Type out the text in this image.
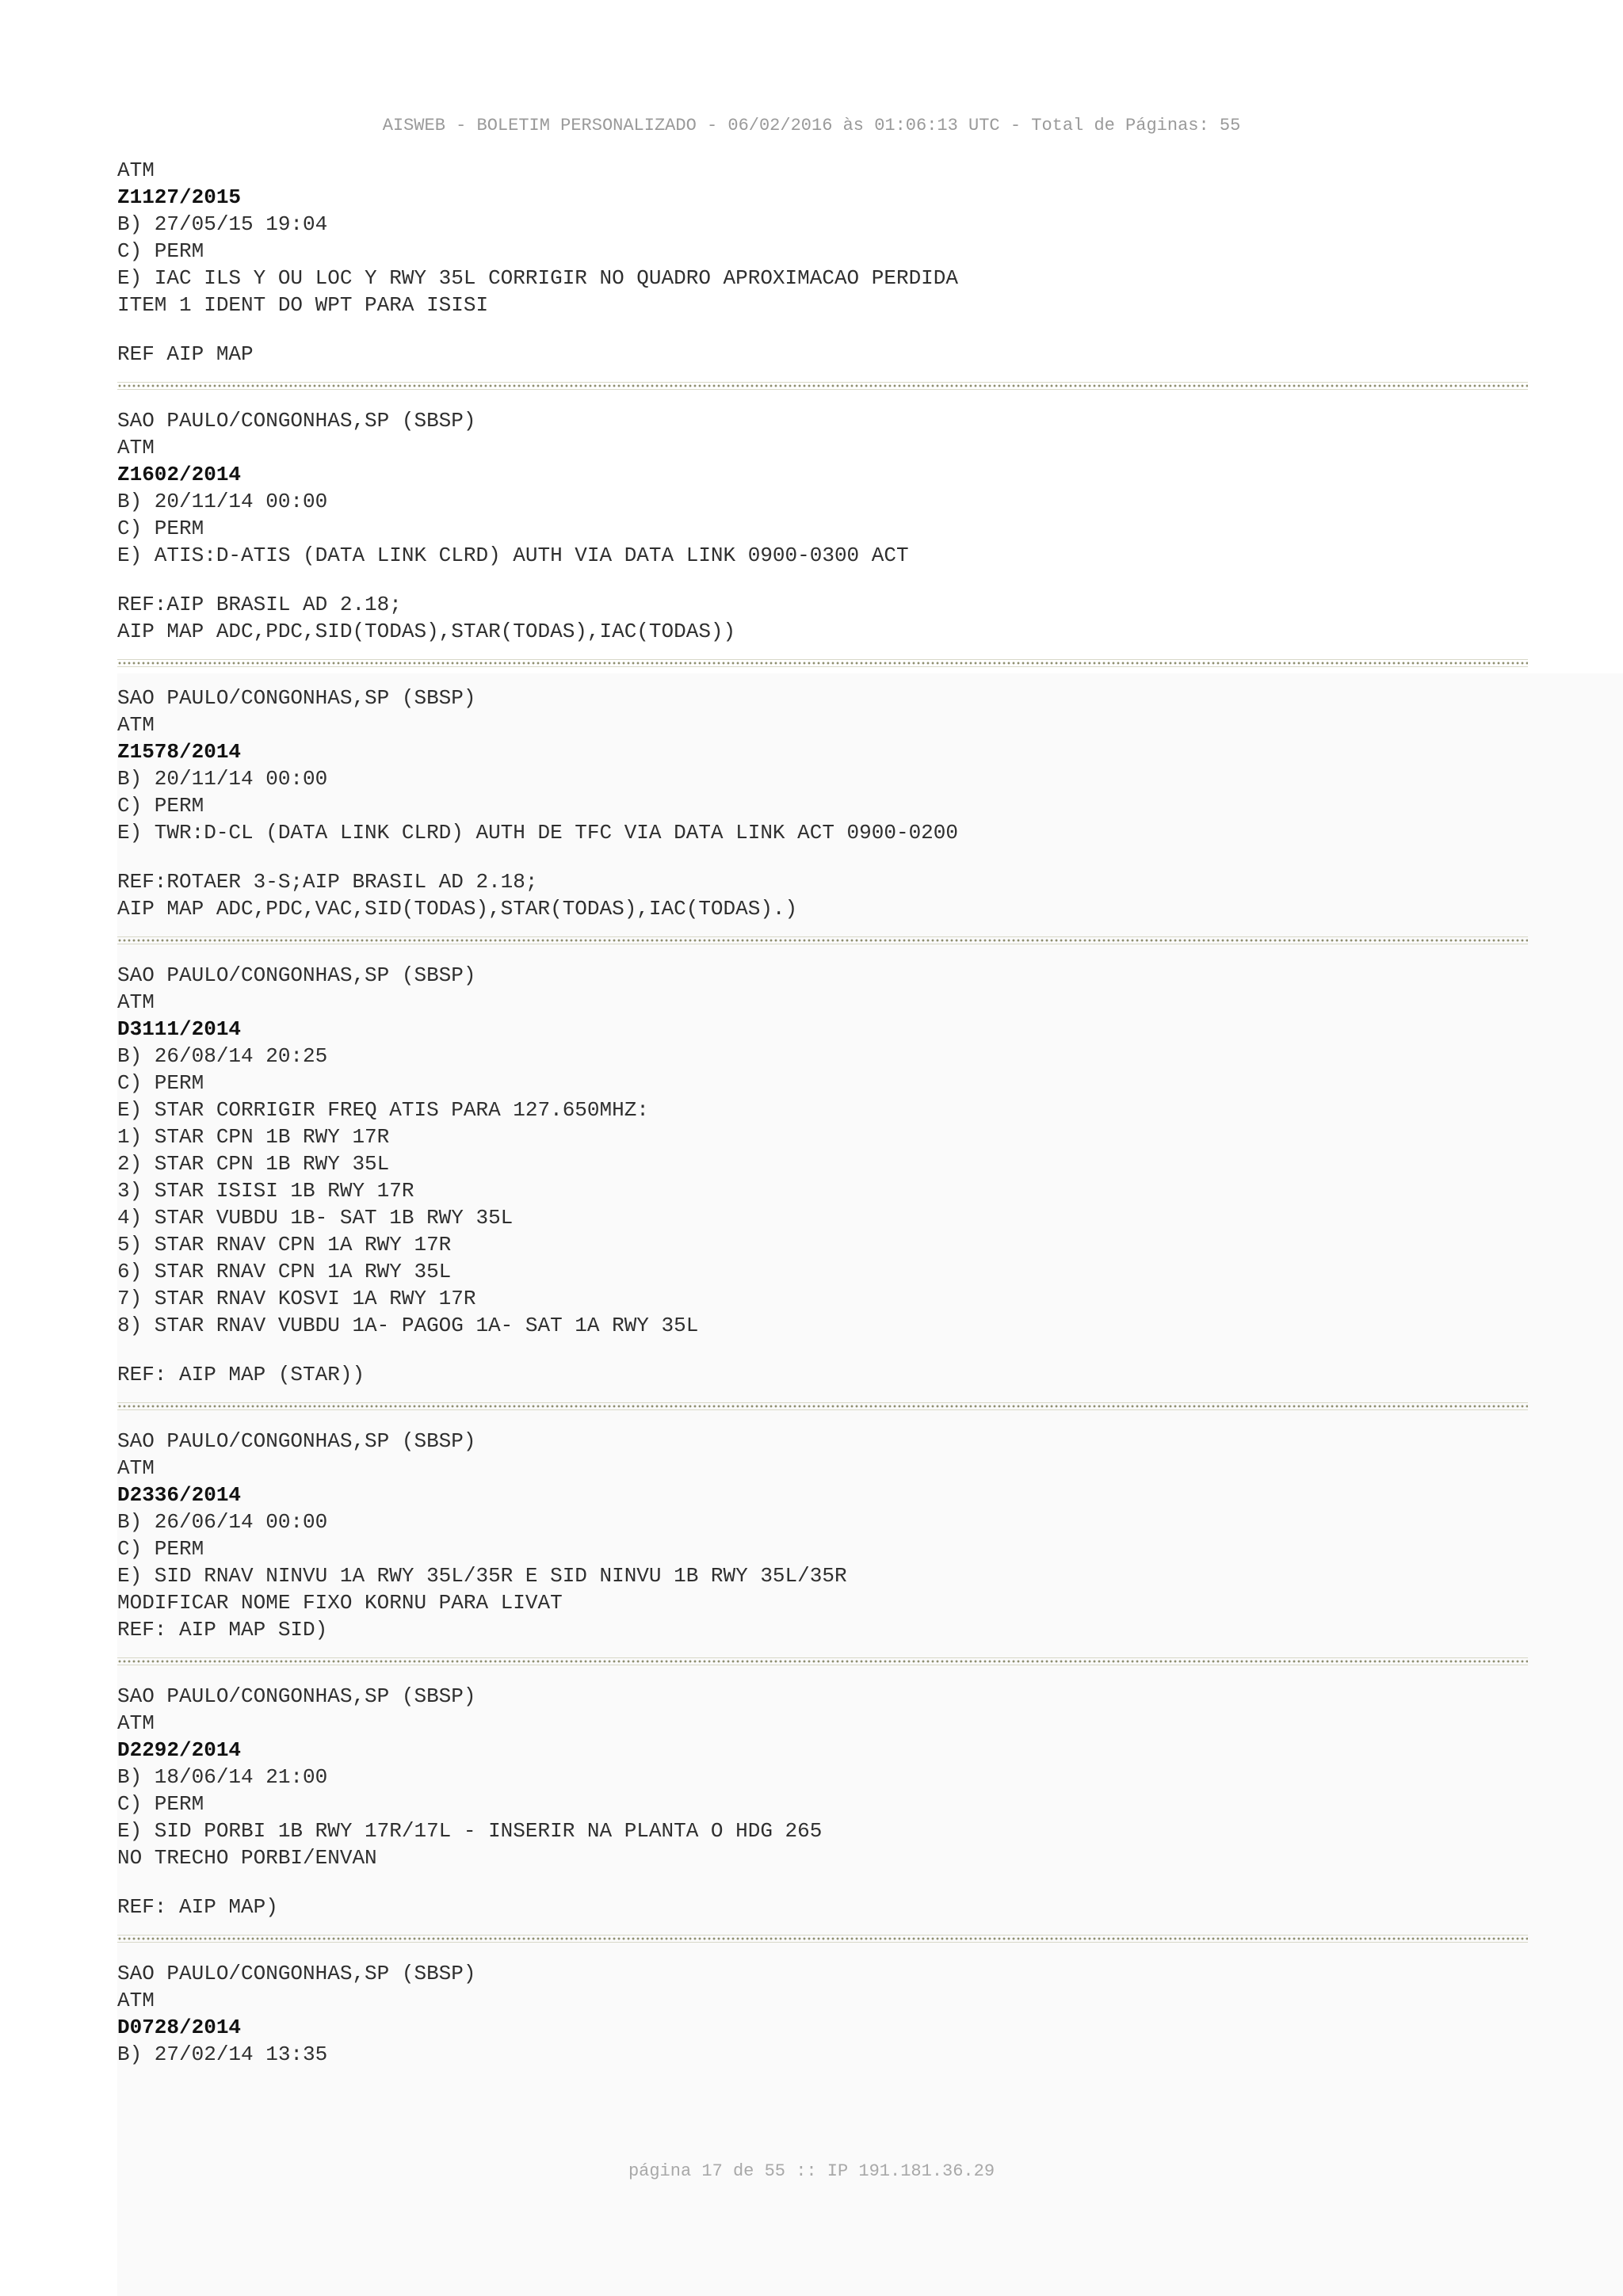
AISWEB - BOLETIM PERSONALIZADO - 06/02/2016 às 01:06:13 UTC - Total de Páginas: 55
ATM
Z1127/2015
B) 27/05/15 19:04
C) PERM
E) IAC ILS Y OU LOC Y RWY 35L CORRIGIR NO QUADRO APROXIMACAO PERDIDA
ITEM 1 IDENT DO WPT PARA ISISI
REF AIP MAP
SAO PAULO/CONGONHAS,SP (SBSP)
ATM
Z1602/2014
B) 20/11/14 00:00
C) PERM
E) ATIS:D-ATIS (DATA LINK CLRD) AUTH VIA DATA LINK 0900-0300 ACT
REF:AIP BRASIL AD 2.18;
AIP MAP ADC,PDC,SID(TODAS),STAR(TODAS),IAC(TODAS))
SAO PAULO/CONGONHAS,SP (SBSP)
ATM
Z1578/2014
B) 20/11/14 00:00
C) PERM
E) TWR:D-CL (DATA LINK CLRD) AUTH DE TFC VIA DATA LINK ACT 0900-0200
REF:ROTAER 3-S;AIP BRASIL AD 2.18;
AIP MAP ADC,PDC,VAC,SID(TODAS),STAR(TODAS),IAC(TODAS).)
SAO PAULO/CONGONHAS,SP (SBSP)
ATM
D3111/2014
B) 26/08/14 20:25
C) PERM
E) STAR CORRIGIR FREQ ATIS PARA 127.650MHZ:
1) STAR CPN 1B RWY 17R
2) STAR CPN 1B RWY 35L
3) STAR ISISI 1B RWY 17R
4) STAR VUBDU 1B- SAT 1B RWY 35L
5) STAR RNAV CPN 1A RWY 17R
6) STAR RNAV CPN 1A RWY 35L
7) STAR RNAV KOSVI 1A RWY 17R
8) STAR RNAV VUBDU 1A- PAGOG 1A- SAT 1A RWY 35L
REF: AIP MAP (STAR))
SAO PAULO/CONGONHAS,SP (SBSP)
ATM
D2336/2014
B) 26/06/14 00:00
C) PERM
E) SID RNAV NINVU 1A RWY 35L/35R E SID NINVU 1B RWY 35L/35R
MODIFICAR NOME FIXO KORNU PARA LIVAT
REF: AIP MAP SID)
SAO PAULO/CONGONHAS,SP (SBSP)
ATM
D2292/2014
B) 18/06/14 21:00
C) PERM
E) SID PORBI 1B RWY 17R/17L - INSERIR NA PLANTA O HDG 265
NO TRECHO PORBI/ENVAN
REF: AIP MAP)
SAO PAULO/CONGONHAS,SP (SBSP)
ATM
D0728/2014
B) 27/02/14 13:35
página 17 de 55 :: IP 191.181.36.29
